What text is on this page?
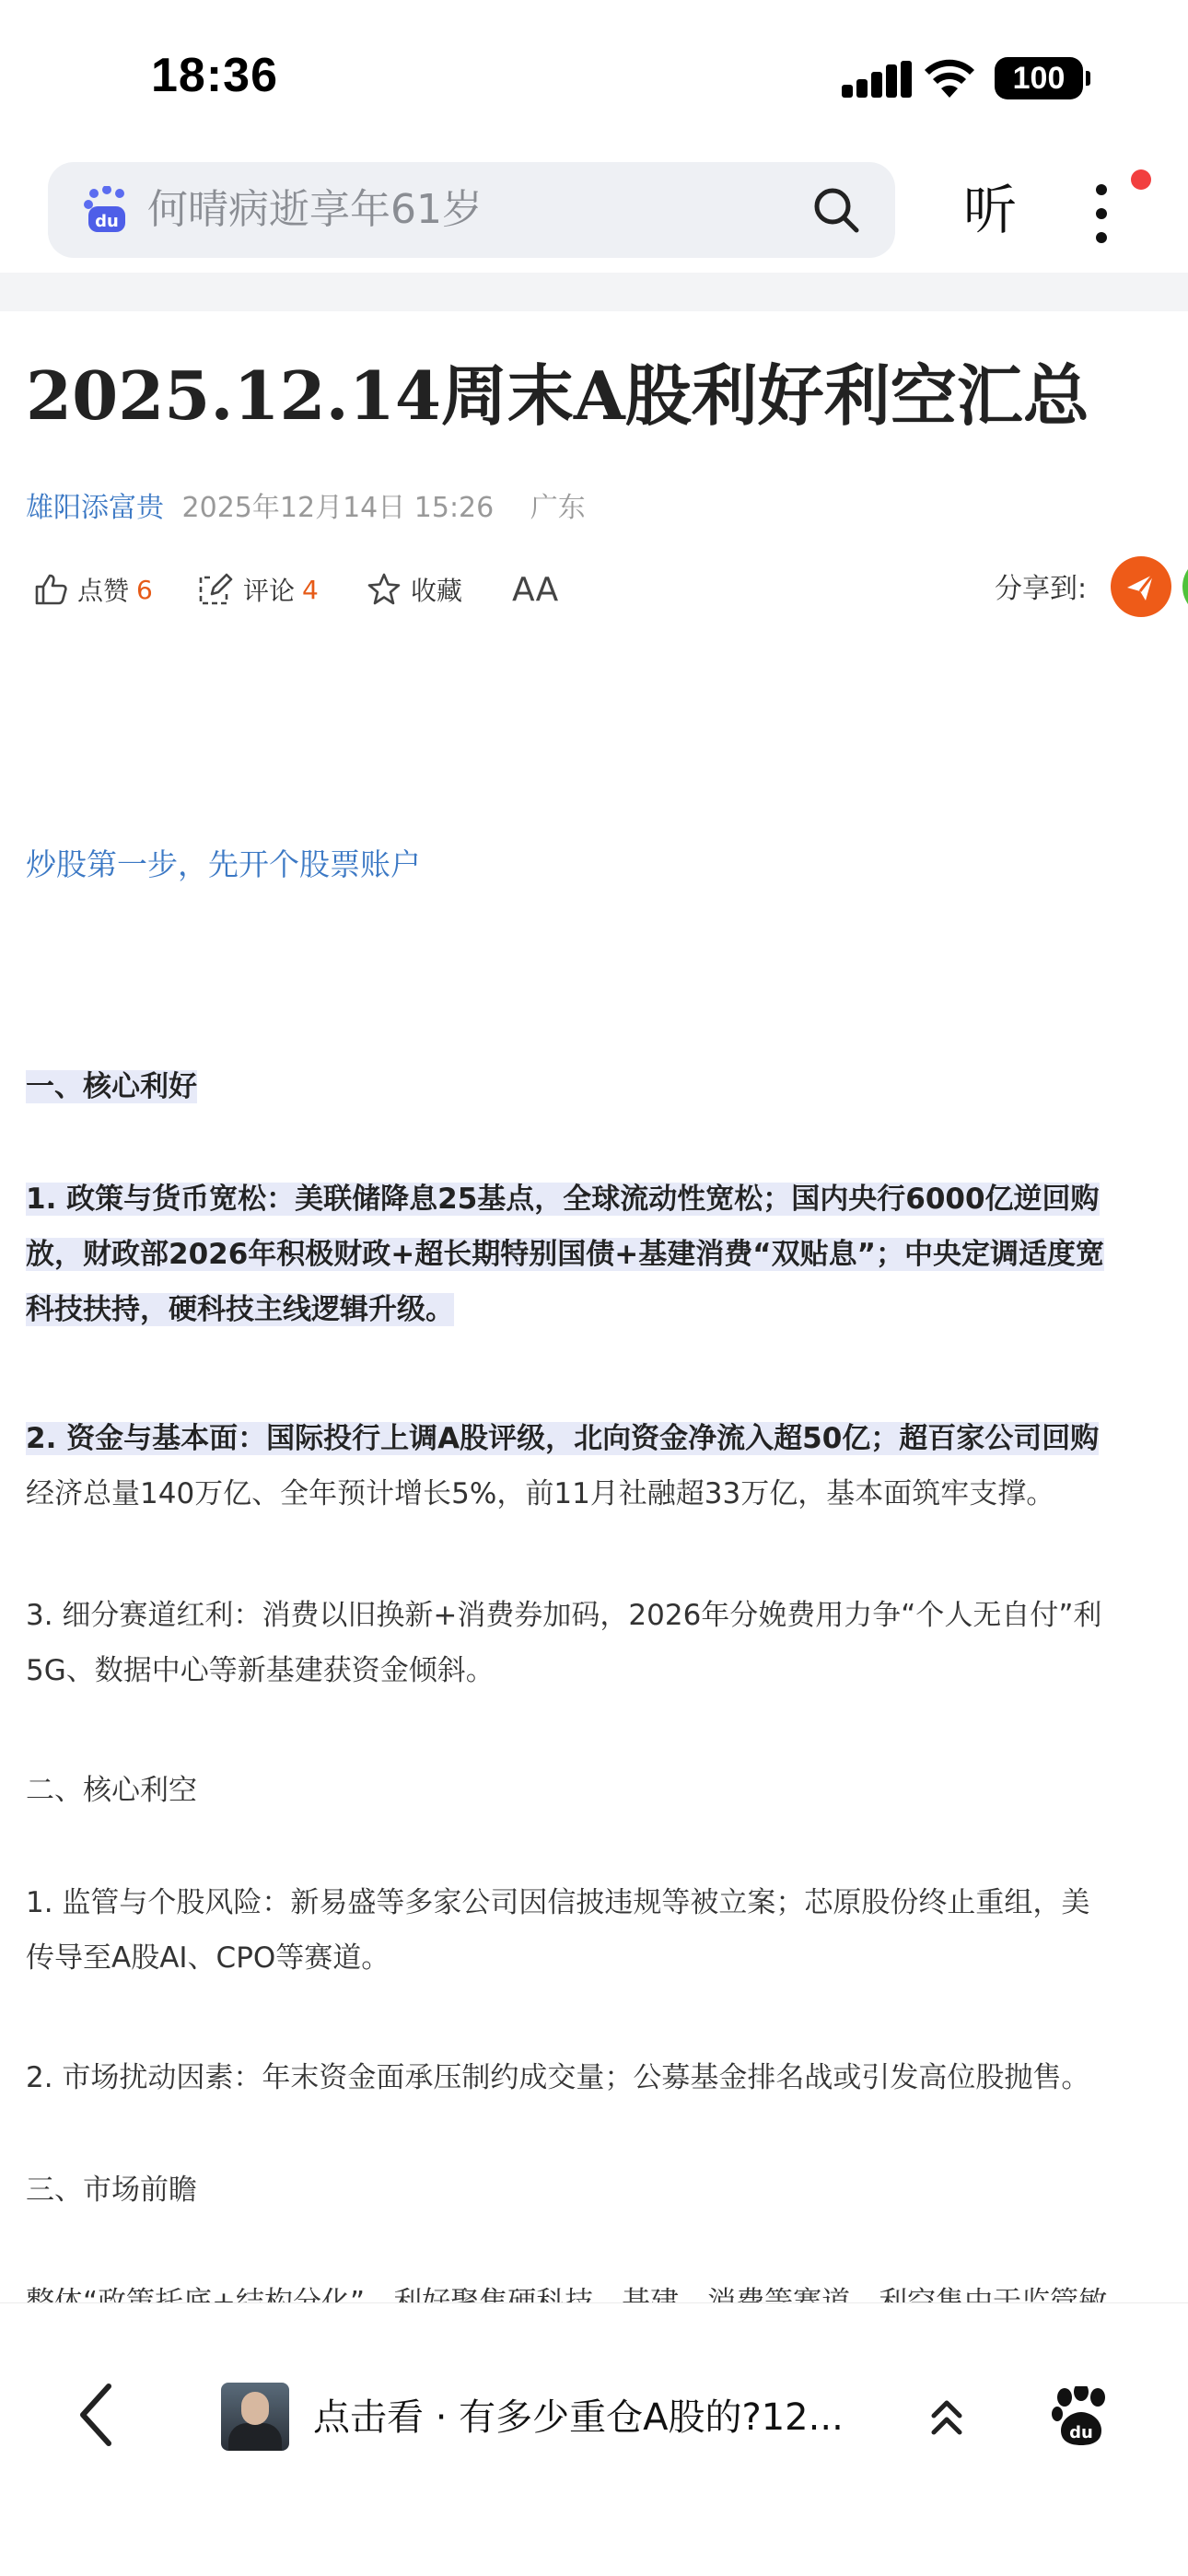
18:36	100
du 何晴病逝享年61岁	听
2025.12.14周末A股利好利空汇总
雄阳添富贵 2025年12月14日 15:26 广东
点赞 6	评论 4	收藏 AA	分享到:
炒股第一步，先开个股票账户
一、核心利好
1. 政策与货币宽松：美联储降息25基点，全球流动性宽松；国内央行6000亿逆回购
放，财政部2026年积极财政+超长期特别国债+基建消费“双贴息”；中央定调适度宽
科技扶持，硬科技主线逻辑升级。
2. 资金与基本面：国际投行上调A股评级，北向资金净流入超50亿；超百家公司回购
经济总量140万亿、全年预计增长5%，前11月社融超33万亿，基本面筑牢支撑。
3. 细分赛道红利：消费以旧换新+消费券加码，2026年分娩费用力争“个人无自付”利
5G、数据中心等新基建获资金倾斜。
二、核心利空
1. 监管与个股风险：新易盛等多家公司因信披违规等被立案；芯原股份终止重组，美
传导至A股AI、CPO等赛道。
2. 市场扰动因素：年末资金面承压制约成交量；公募基金排名战或引发高位股抛售。
三、市场前瞻
点击看 · 有多少重仓A股的?12...	du
